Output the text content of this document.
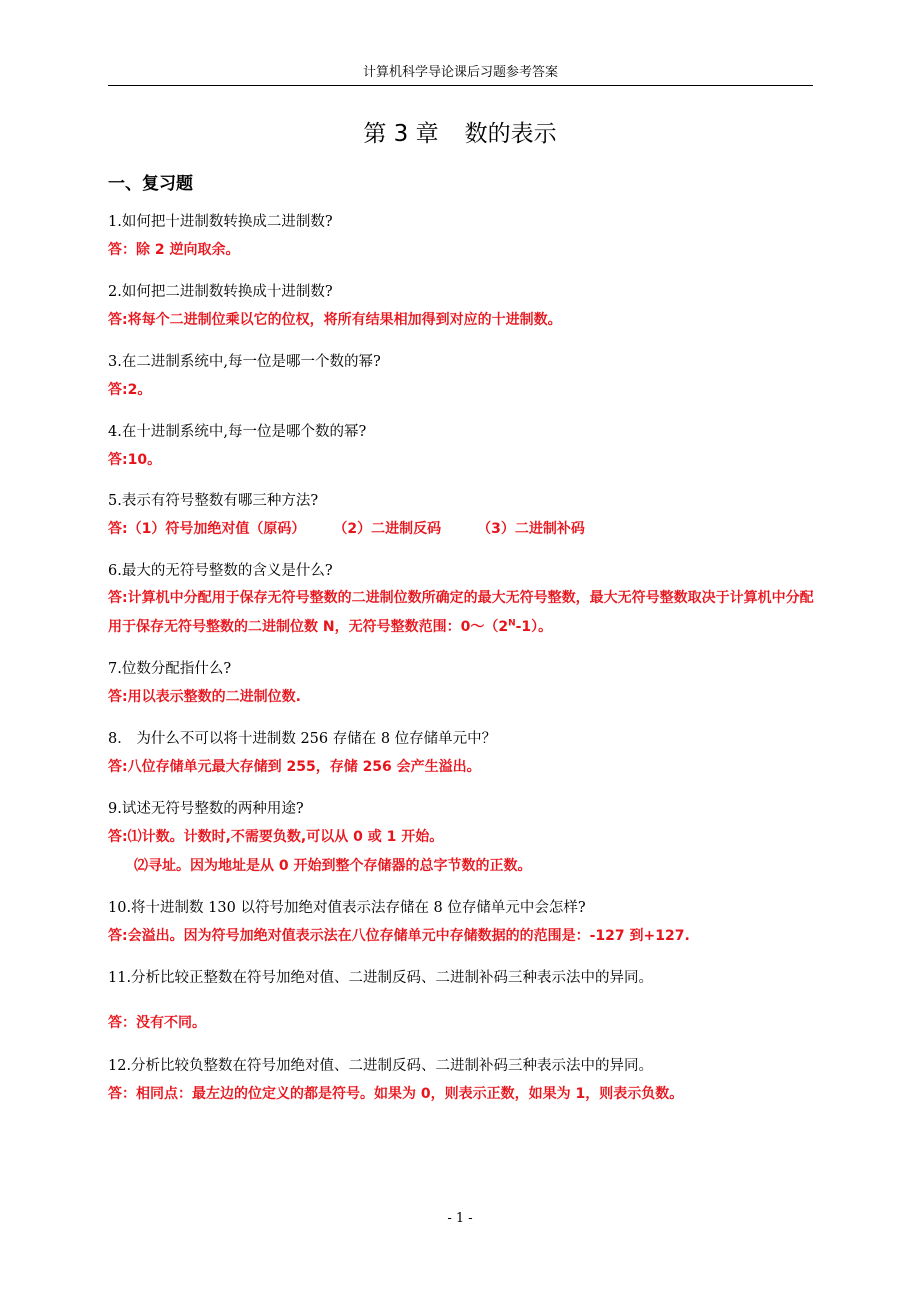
计算机科学导论课后习题参考答案
第 3 章 数的表示
一、复习题
1.如何把十进制数转换成二进制数?
答：除 2 逆向取余。
2.如何把二进制数转换成十进制数?
答:将每个二进制位乘以它的位权，将所有结果相加得到对应的十进制数。
3.在二进制系统中,每一位是哪一个数的幂?
答:2。
4.在十进制系统中,每一位是哪个数的幂?
答:10。
5.表示有符号整数有哪三种方法?
答:（1）符号加绝对值（原码） （2）二进制反码	（3）二进制补码
6.最大的无符号整数的含义是什么?
答:计算机中分配用于保存无符号整数的二进制位数所确定的最大无符号整数，最大无符号整数取决于计算机中分配用于保存无符号整数的二进制位数 N，无符号整数范围：$0\sim(2^N-1)$。
7.位数分配指什么?
答:用以表示整数的二进制位数.
8． 为什么不可以将十进制数 256 存储在 8 位存储单元中？
答:八位存储单元最大存储到 255，存储 256 会产生溢出。
9.试述无符号整数的两种用途?
答:⑴计数。计数时,不需要负数,可以从 0 或 1 开始。
⑵寻址。因为地址是从 0 开始到整个存储器的总字节数的正数。
10.将十进制数 130 以符号加绝对值表示法存储在 8 位存储单元中会怎样?
答:会溢出。因为符号加绝对值表示法在八位存储单元中存储数据的的范围是：-127 到+127.
11.分析比较正整数在符号加绝对值、二进制反码、二进制补码三种表示法中的异同。
答：没有不同。
12.分析比较负整数在符号加绝对值、二进制反码、二进制补码三种表示法中的异同。
答：相同点：最左边的位定义的都是符号。如果为 0，则表示正数，如果为 1，则表示负数。
- 1 -
